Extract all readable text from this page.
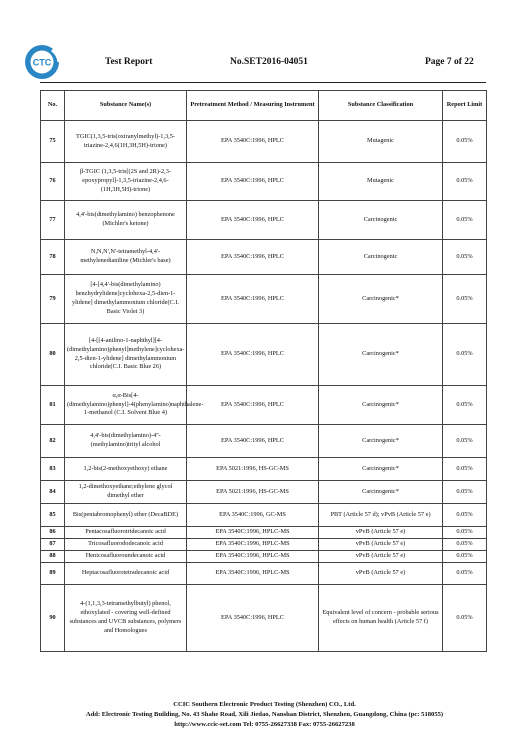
CTC	Test Report	No.SET2016-04051	Page 7 of 22
No.	Substance Name(s)	Pretreatment Method / Measuring Instrument	Substance Classification	Report Limit
75	TGIC(1,3,5-tris(oxiranylmethyl)-1,3,5-triazine-2,4,6(1H,3H,5H)-trione)	EPA 3540C:1996, HPLC	Mutagenic	0.05%
76	β-TGIC (1,3,5-tris[(2S and 2R)-2,3-epoxypropyl]-1,3,5-triazine-2,4,6-(1H,3H,5H)-trione)	EPA 3540C:1996, HPLC	Mutagenic	0.05%
77	4,4'-bis(dimethylamino) benzophenone (Michler's ketone)	EPA 3540C:1996, HPLC	Carcinogenic	0.05%
78	N,N,N',N'-tetramethyl-4,4'-methylenedianiline (Michler's base)	EPA 3540C:1996, HPLC	Carcinogenic	0.05%
79	[4-[4,4'-bis(dimethylamino) benzhydrylidene]cyclohexa-2,5-dien-1-ylidene] dimethylammonium chloride(C.I. Basic Violet 3)	EPA 3540C:1996, HPLC	Carcinogenic*	0.05%
80	[4-[[4-anilino-1-naphthyl][4-(dimethylamino)phenyl]methylene]cyclohexa-2,5-dien-1-ylidene] dimethylammonium chloride(C.I. Basic Blue 26)	EPA 3540C:1996, HPLC	Carcinogenic*	0.05%
81	α,α-Bis[4-(dimethylamino)phenyl]-4(phenylamino)naphthalene-1-methanol (C.I. Solvent Blue 4)	EPA 3540C:1996, HPLC	Carcinogenic*	0.05%
82	4,4'-bis(dimethylamino)-4''-(methylamino)trityl alcohol	EPA 3540C:1996, HPLC	Carcinogenic*	0.05%
83	1,2-bis(2-methoxyethoxy) ethane	EPA 5021:1996, HS-GC-MS	Carcinogenic*	0.05%
84	1,2-dimethoxyethane;ethylene glycol dimethyl ether	EPA 5021:1996, HS-GC-MS	Carcinogenic*	0.05%
85	Bis(pentabromophenyl) ether (DecaBDE)	EPA 3540C:1996, GC-MS	PBT (Article 57 d); vPvB (Article 57 e)	0.05%
86	Pentacosafluorotridecanoic acid	EPA 3540C:1996, HPLC-MS	vPvB (Article 57 e)	0.05%
87	Tricosafluorododecanoic acid	EPA 3540C:1996, HPLC-MS	vPvB (Article 57 e)	0.05%
88	Henicosafluoroundecanoic acid	EPA 3540C:1996, HPLC-MS	vPvB (Article 57 e)	0.05%
89	Heptacosafluorotetradecanoic acid	EPA 3540C:1996, HPLC-MS	vPvB (Article 57 e)	0.05%
90	4-(1,1,3,3-tetramethylbutyl) phenol, ethoxylated - covering well-defined substances and UVCB substances, polymers and Homologues	EPA 3540C:1996, HPLC	Equivalent level of concern - probable serious effects on human health (Article 57 f)	0.05%
CCIC Southern Electronic Product Testing (Shenzhen) CO., Ltd.
Add: Electronic Testing Building, No. 43 Shahe Road, Xili Jiedao, Nanshan District, Shenzhen, Guangdong, China (pc: 518055)
http://www.ccic-set.com Tel: 0755-26627338 Fax: 0755-26627238
